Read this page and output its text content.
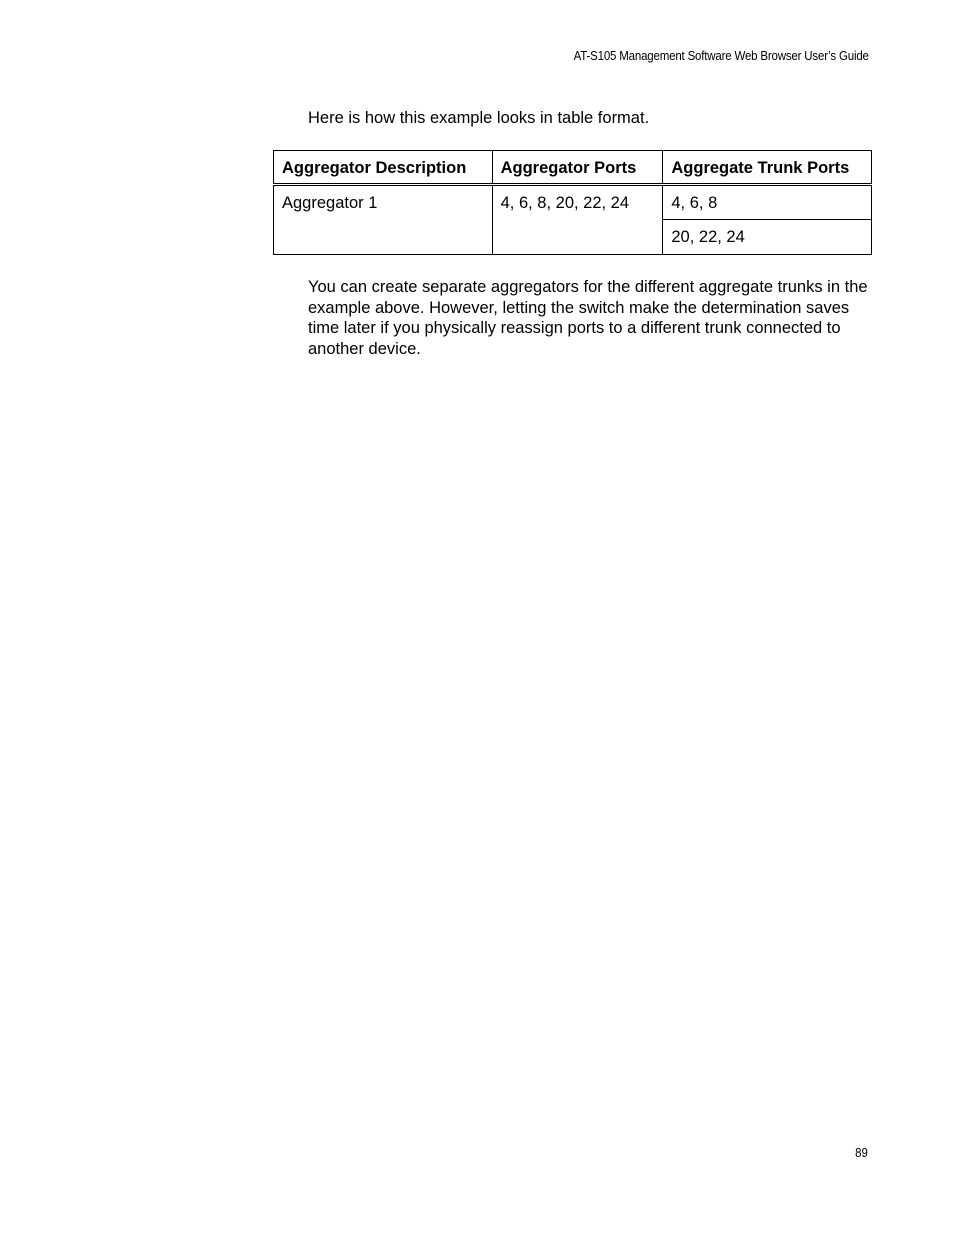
AT-S105 Management Software Web Browser User’s Guide

Here is how this example looks in table format.

Aggregator Description	Aggregator Ports	Aggregate Trunk Ports
Aggregator 1	4, 6, 8, 20, 22, 24	4, 6, 8
		20, 22, 24

You can create separate aggregators for the different aggregate trunks in the example above. However, letting the switch make the determination saves time later if you physically reassign ports to a different trunk connected to another device.

89
